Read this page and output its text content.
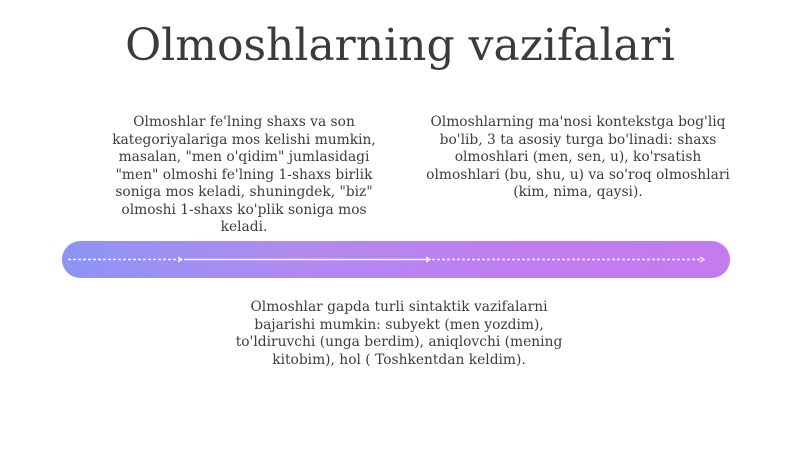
Olmoshlarning vazifalari
Olmoshlar fe'lning shaxs va son
kategoriyalariga mos kelishi mumkin,
masalan, "men o'qidim" jumlasidagi
"men" olmoshi fe'lning 1-shaxs birlik
soniga mos keladi, shuningdek, "biz"
olmoshi 1-shaxs ko'plik soniga mos
keladi.
Olmoshlarning ma'nosi kontekstga bog'liq
bo'lib, 3 ta asosiy turga bo'linadi: shaxs
olmoshlari (men, sen, u), ko'rsatish
olmoshlari (bu, shu, u) va so'roq olmoshlari
(kim, nima, qaysi).
Olmoshlar gapda turli sintaktik vazifalarni
bajarishi mumkin: subyekt (men yozdim),
to'ldiruvchi (unga berdim), aniqlovchi (mening
kitobim), hol ( Toshkentdan keldim).
